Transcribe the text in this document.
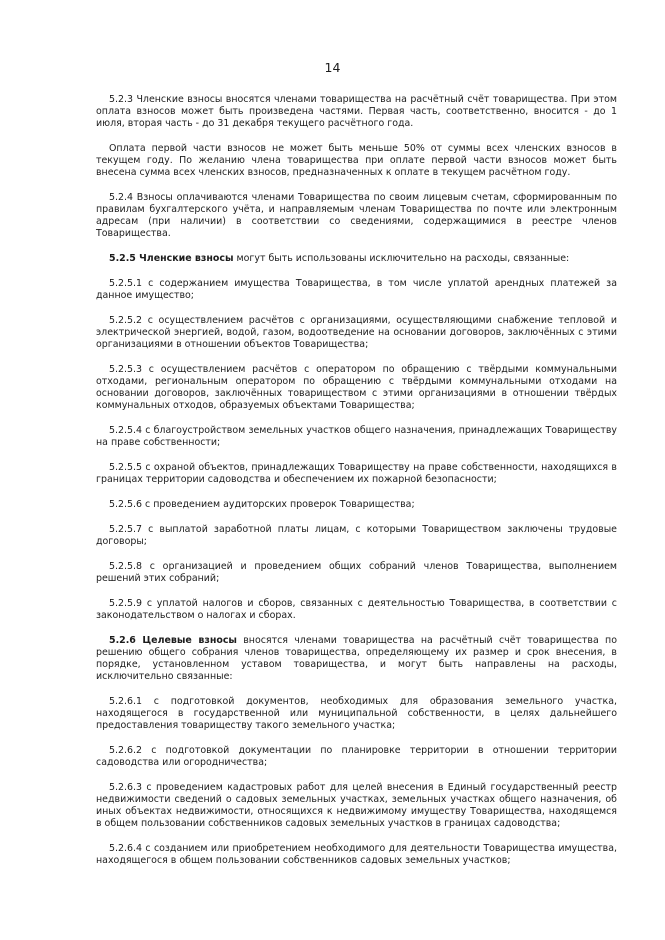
14

5.2.3 Членские взносы вносятся членами товарищества на расчётный счёт товарищества. При этом оплата взносов может быть произведена частями. Первая часть, соответственно, вносится - до 1 июля, вторая часть - до 31 декабря текущего расчётного года.

Оплата первой части взносов не может быть меньше 50% от суммы всех членских взносов в текущем году. По желанию члена товарищества при оплате первой части взносов может быть внесена сумма всех членских взносов, предназначенных к оплате в текущем расчётном году.

5.2.4 Взносы оплачиваются членами Товарищества по своим лицевым счетам, сформированным по правилам бухгалтерского учёта, и направляемым членам Товарищества по почте или электронным адресам (при наличии) в соответствии со сведениями, содержащимися в реестре членов Товарищества.

5.2.5 Членские взносы могут быть использованы исключительно на расходы, связанные:

5.2.5.1 с содержанием имущества Товарищества, в том числе уплатой арендных платежей за данное имущество;

5.2.5.2 с осуществлением расчётов с организациями, осуществляющими снабжение тепловой и электрической энергией, водой, газом, водоотведение на основании договоров, заключённых с этими организациями в отношении объектов Товарищества;

5.2.5.3 с осуществлением расчётов с оператором по обращению с твёрдыми коммунальными отходами, региональным оператором по обращению с твёрдыми коммунальными отходами на основании договоров, заключённых товариществом с этими организациями в отношении твёрдых коммунальных отходов, образуемых объектами Товарищества;

5.2.5.4 с благоустройством земельных участков общего назначения, принадлежащих Товариществу на праве собственности;

5.2.5.5 с охраной объектов, принадлежащих Товариществу на праве собственности, находящихся в границах территории садоводства и обеспечением их пожарной безопасности;

5.2.5.6 с проведением аудиторских проверок Товарищества;

5.2.5.7 с выплатой заработной платы лицам, с которыми Товариществом заключены трудовые договоры;

5.2.5.8 с организацией и проведением общих собраний членов Товарищества, выполнением решений этих собраний;

5.2.5.9 с уплатой налогов и сборов, связанных с деятельностью Товарищества, в соответствии с законодательством о налогах и сборах.

5.2.6 Целевые взносы вносятся членами товарищества на расчётный счёт товарищества по решению общего собрания членов товарищества, определяющему их размер и срок внесения, в порядке, установленном уставом товарищества, и могут быть направлены на расходы, исключительно связанные:

5.2.6.1 с подготовкой документов, необходимых для образования земельного участка, находящегося в государственной или муниципальной собственности, в целях дальнейшего предоставления товариществу такого земельного участка;

5.2.6.2 с подготовкой документации по планировке территории в отношении территории садоводства или огородничества;

5.2.6.3 с проведением кадастровых работ для целей внесения в Единый государственный реестр недвижимости сведений о садовых земельных участках, земельных участках общего назначения, об иных объектах недвижимости, относящихся к недвижимому имуществу Товарищества, находящемся в общем пользовании собственников садовых земельных участков в границах садоводства;

5.2.6.4 с созданием или приобретением необходимого для деятельности Товарищества имущества, находящегося в общем пользовании собственников садовых земельных участков;
